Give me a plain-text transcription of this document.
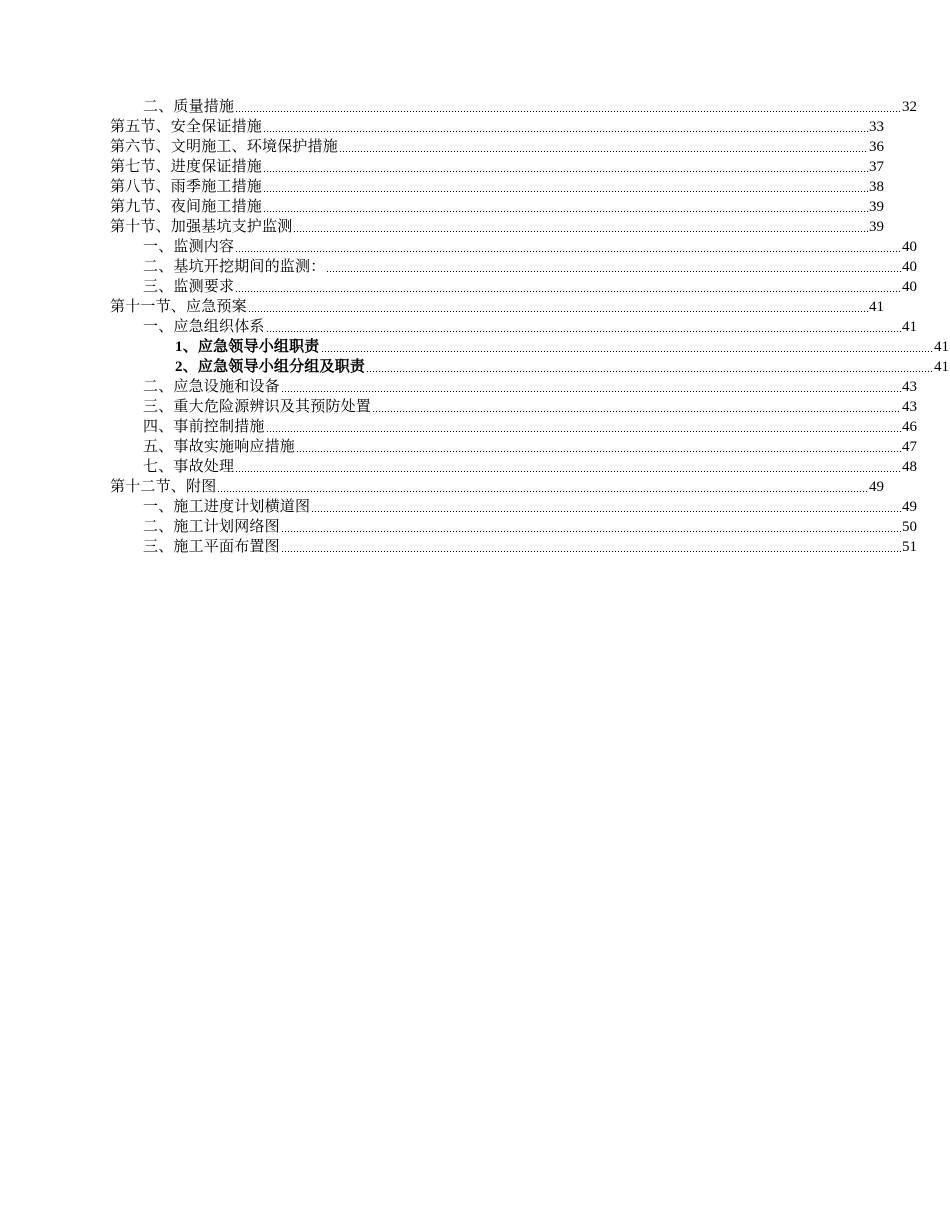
二、质量措施	32
第五节、安全保证措施	33
第六节、文明施工、环境保护措施	36
第七节、进度保证措施	37
第八节、雨季施工措施	38
第九节、夜间施工措施	39
第十节、加强基坑支护监测	39
一、监测内容	40
二、基坑开挖期间的监测：	40
三、监测要求	40
第十一节、应急预案	41
一、应急组织体系	41
1、应急领导小组职责	41
2、应急领导小组分组及职责	41
二、应急设施和设备	43
三、重大危险源辨识及其预防处置	43
四、事前控制措施	46
五、事故实施响应措施	47
七、事故处理	48
第十二节、附图	49
一、施工进度计划横道图	49
二、施工计划网络图	50
三、施工平面布置图	51
